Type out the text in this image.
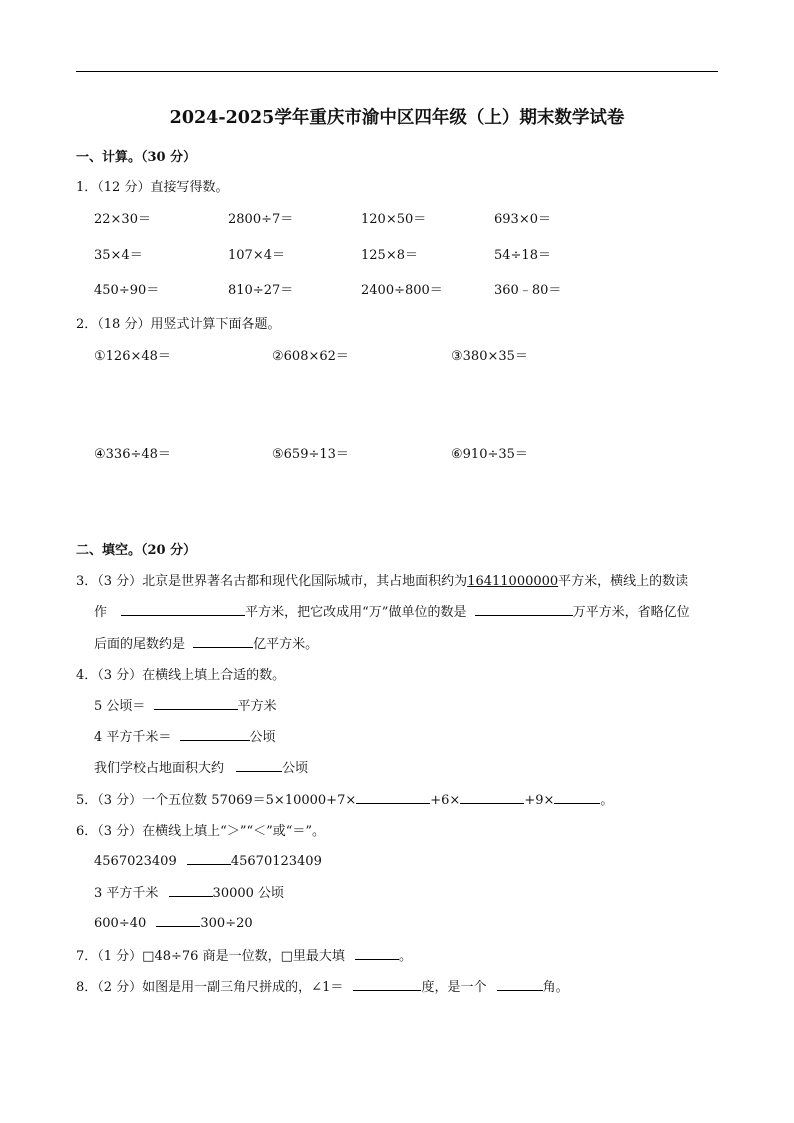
2024-2025学年重庆市渝中区四年级（上）期末数学试卷
一、计算。（30 分）
1．（12 分）直接写得数。
22×30＝	2800÷7＝	120×50＝	693×0＝
35×4＝	107×4＝	125×8＝	54÷18＝
450÷90＝	810÷27＝	2400÷800＝	360﹣80＝
2．（18 分）用竖式计算下面各题。
①126×48＝	②608×62＝	③380×35＝
④336÷48＝	⑤659÷13＝	⑥910÷35＝
二、填空。（20 分）
3．（3 分）北京是世界著名古都和现代化国际城市，其占地面积约为16411000000平方米，横线上的数读
作	平方米，把它改成用“万”做单位的数是	万平方米，省略亿位
后面的尾数约是	亿平方米。
4．（3 分）在横线上填上合适的数。
5 公顷＝	平方米
4 平方千米＝	公顷
我们学校占地面积大约	公顷
5．（3 分）一个五位数 57069＝5×10000+7×	+6×	+9×	。
6．（3 分）在横线上填上“＞”“＜”或“＝”。
4567023409	45670123409
3 平方千米	30000 公顷
600÷40	300÷20
7．（1 分）□48÷76 商是一位数，□里最大填	。
8．（2 分）如图是用一副三角尺拼成的，∠1＝	度，是一个	角。
